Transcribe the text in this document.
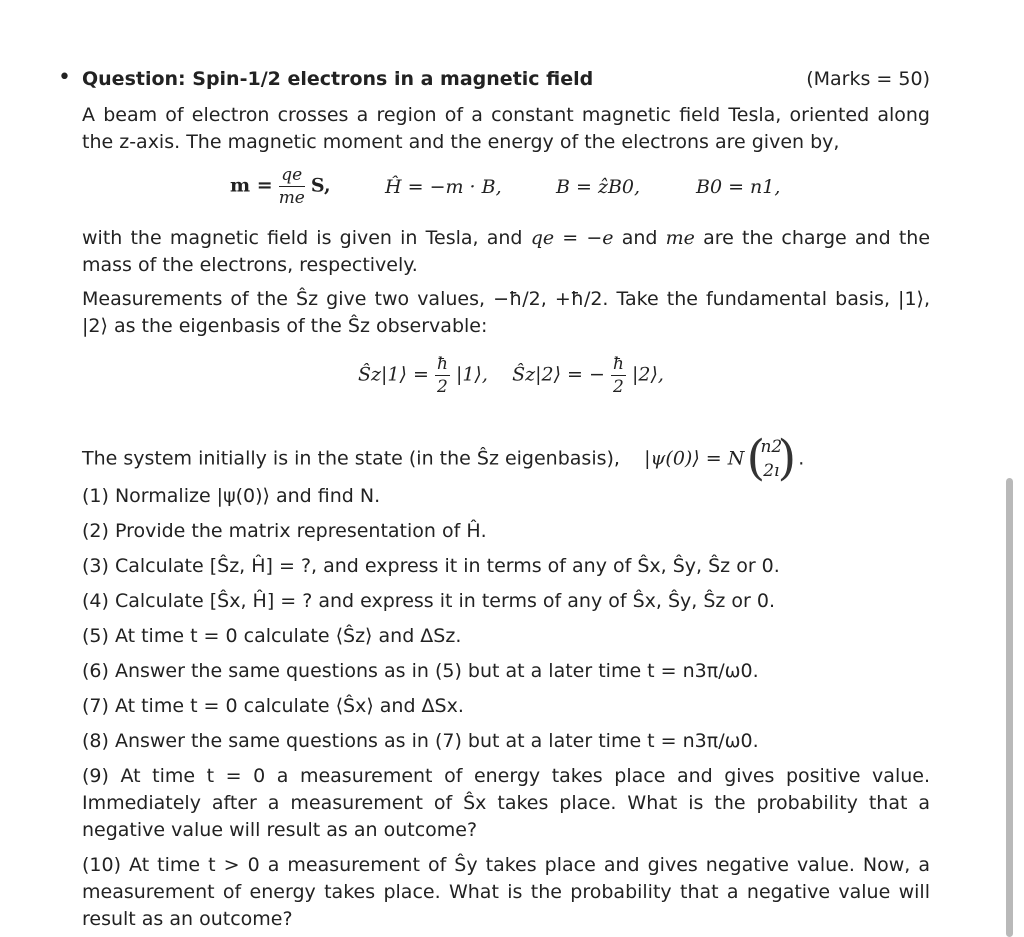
• Question: Spin-1/2 electrons in a magnetic field	(Marks = 50)
A beam of electron crosses a region of a constant magnetic field Tesla, oriented along the z-axis. The magnetic moment and the energy of the electrons are given by,
$m = \frac{qe}{me} S$,	Ĥ = −m · B,	B = ẑB0,	B0 = n1,
with the magnetic field is given in Tesla, and qe = −e and me are the charge and the mass of the electrons, respectively.
Measurements of the Ŝz give two values, −ħ/2, +ħ/2. Take the fundamental basis, |1⟩, |2⟩ as the eigenbasis of the Ŝz observable:
Ŝz|1⟩ = $\frac{ħ}{2}$ |1⟩, Ŝz|2⟩ = − $\frac{ħ}{2}$ |2⟩,
The system initially is in the state (in the Ŝz eigenbasis), |ψ(0)⟩ = N (
n2
2ı
) .
(1) Normalize |ψ(0)⟩ and find N.
(2) Provide the matrix representation of Ĥ.
(3) Calculate [Ŝz, Ĥ] = ?, and express it in terms of any of Ŝx, Ŝy, Ŝz or 0.
(4) Calculate [Ŝx, Ĥ] = ? and express it in terms of any of Ŝx, Ŝy, Ŝz or 0.
(5) At time t = 0 calculate ⟨Ŝz⟩ and ΔSz.
(6) Answer the same questions as in (5) but at a later time t = n3π/ω0.
(7) At time t = 0 calculate ⟨Ŝx⟩ and ΔSx.
(8) Answer the same questions as in (7) but at a later time t = n3π/ω0.
(9) At time t = 0 a measurement of energy takes place and gives positive value. Immediately after a measurement of Ŝx takes place. What is the probability that a negative value will result as an outcome?
(10) At time t > 0 a measurement of Ŝy takes place and gives negative value. Now, a measurement of energy takes place. What is the probability that a negative value will result as an outcome?
